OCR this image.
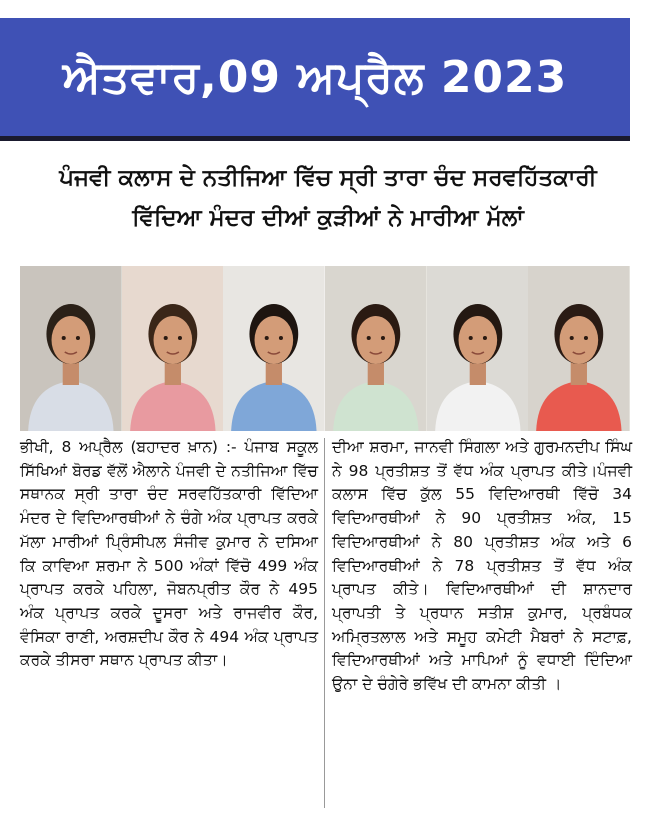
ਐਤਵਾਰ,09 ਅਪ੍ਰੈਲ 2023
ਪੰਜਵੀ ਕਲਾਸ ਦੇ ਨਤੀਜਿਆ ਵਿੱਚ ਸ੍ਰੀ ਤਾਰਾ ਚੰਦ ਸਰਵਹਿੱਤਕਾਰੀ
ਵਿੱਦਿਆ ਮੰਦਰ ਦੀਆਂ ਕੁੜੀਆਂ ਨੇ ਮਾਰੀਆ ਮੱਲਾਂ
ਭੀਖੀ, 8 ਅਪ੍ਰੈਲ (ਬਹਾਦਰ ਖ਼ਾਨ) :- ਪੰਜਾਬ ਸਕੂਲ ਸਿੱਖਿਆਂ ਬੋਰਡ ਵੱਲੋਂ ਐਲਾਨੇ ਪੰਜਵੀ ਦੇ ਨਤੀਜਿਆ ਵਿੱਚ ਸਥਾਨਕ ਸ੍ਰੀ ਤਾਰਾ ਚੰਦ ਸਰਵਹਿੱਤਕਾਰੀ ਵਿੱਦਿਆ ਮੰਦਰ ਦੇ ਵਿਦਿਆਰਥੀਆਂ ਨੇ ਚੰਗੇ ਅੰਕ ਪ੍ਰਾਪਤ ਕਰਕੇ ਮੱਲਾ ਮਾਰੀਆਂ ਪ੍ਰਿੰਸੀਪਲ ਸੰਜੀਵ ਕੁਮਾਰ ਨੇ ਦਸਿਆ ਕਿ ਕਾਵਿਆ ਸ਼ਰਮਾ ਨੇ 500 ਅੰਕਾਂ ਵਿੱਚੋ 499 ਅੰਕ ਪ੍ਰਾਪਤ ਕਰਕੇ ਪਹਿਲਾ, ਜੋਬਨਪ੍ਰੀਤ ਕੌਰ ਨੇ 495 ਅੰਕ ਪ੍ਰਾਪਤ ਕਰਕੇ ਦੂਸਰਾ ਅਤੇ ਰਾਜਵੀਰ ਕੌਰ, ਵੰਸਿਕਾ ਰਾਣੀ, ਅਰਸ਼ਦੀਪ ਕੌਰ ਨੇ 494 ਅੰਕ ਪ੍ਰਾਪਤ ਕਰਕੇ ਤੀਸਰਾ ਸਥਾਨ ਪ੍ਰਾਪਤ ਕੀਤਾ।
ਦੀਆ ਸ਼ਰਮਾ, ਜਾਨਵੀ ਸਿੰਗਲਾ ਅਤੇ ਗੁਰਮਨਦੀਪ ਸਿੰਘ ਨੇ 98 ਪ੍ਰਤੀਸ਼ਤ ਤੋਂ ਵੱਧ ਅੰਕ ਪ੍ਰਾਪਤ ਕੀਤੇ।ਪੰਜਵੀ ਕਲਾਸ ਵਿੱਚ ਕੁੱਲ 55 ਵਿਦਿਆਰਥੀ ਵਿੱਚੋ 34 ਵਿਦਿਆਰਥੀਆਂ ਨੇ 90 ਪ੍ਰਤੀਸ਼ਤ ਅੰਕ, 15 ਵਿਦਿਆਰਥੀਆਂ ਨੇ 80 ਪ੍ਰਤੀਸ਼ਤ ਅੰਕ ਅਤੇ 6 ਵਿਦਿਆਰਥੀਆਂ ਨੇ 78 ਪ੍ਰਤੀਸ਼ਤ ਤੋਂ ਵੱਧ ਅੰਕ ਪ੍ਰਾਪਤ ਕੀਤੇ। ਵਿਦਿਆਰਥੀਆਂ ਦੀ ਸ਼ਾਨਦਾਰ ਪ੍ਰਾਪਤੀ ਤੇ ਪ੍ਰਧਾਨ ਸਤੀਸ਼ ਕੁਮਾਰ, ਪ੍ਰਬੰਧਕ ਅਮ੍ਰਿਤਲਾਲ ਅਤੇ ਸਮੂਹ ਕਮੇਟੀ ਮੈਬਰਾਂ ਨੇ ਸਟਾਫ਼, ਵਿਦਿਆਰਥੀਆਂ ਅਤੇ ਮਾਪਿਆਂ ਨੂੰ ਵਧਾਈ ਦਿੰਦਿਆ ਉਨਾ ਦੇ ਚੰਗੇਰੇ ਭਵਿੱਖ ਦੀ ਕਾਮਨਾ ਕੀਤੀ ।
